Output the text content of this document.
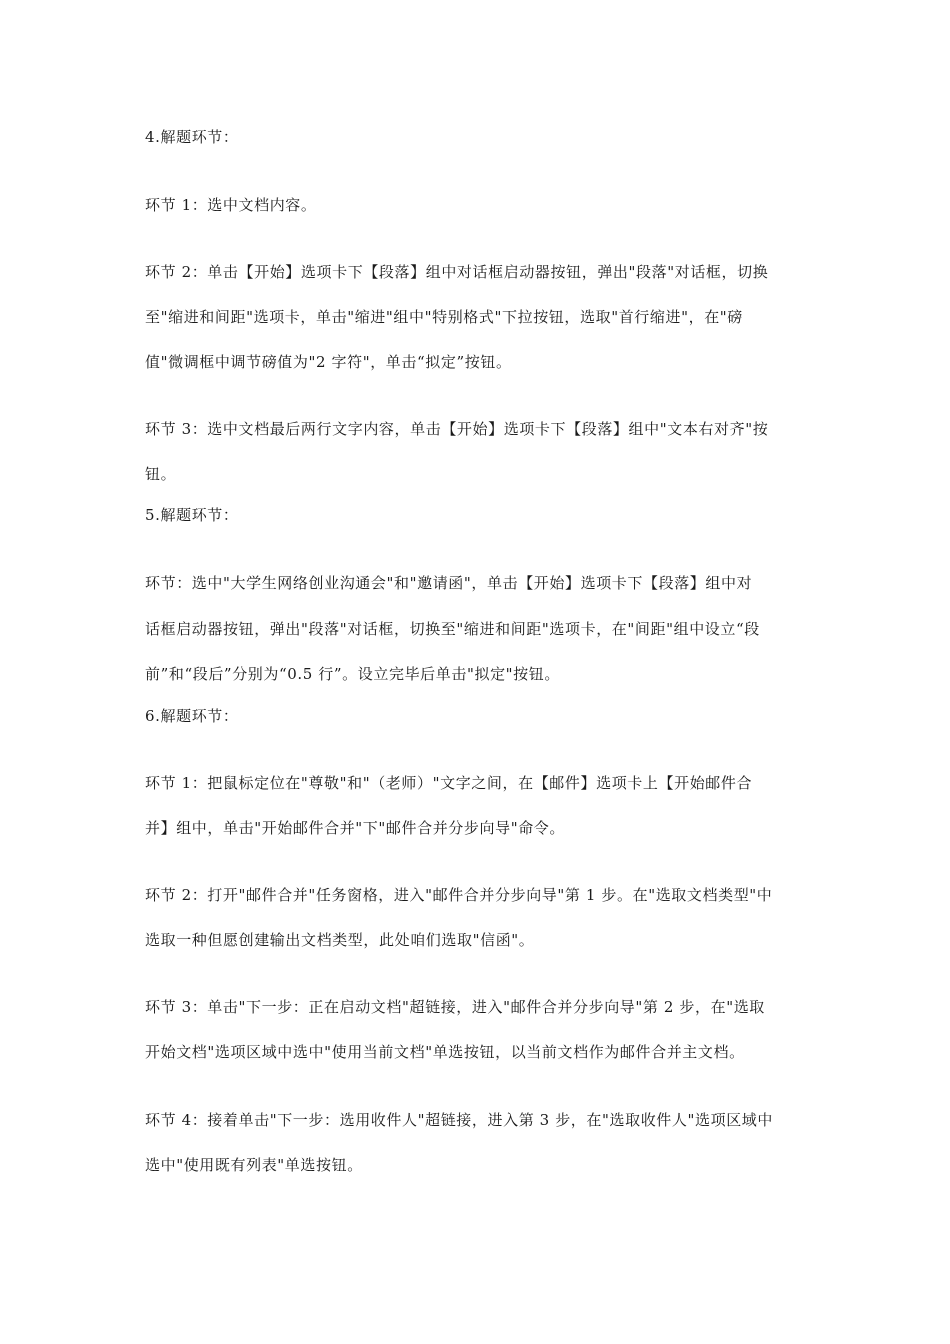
4.解题环节：
环节 1：选中文档内容。
环节 2：单击【开始】选项卡下【段落】组中对话框启动器按钮，弹出"段落"对话框，切换
至"缩进和间距"选项卡，单击"缩进"组中"特别格式"下拉按钮，选取"首行缩进"，在"磅
值"微调框中调节磅值为"2 字符"，单击“拟定”按钮。
环节 3：选中文档最后两行文字内容，单击【开始】选项卡下【段落】组中"文本右对齐"按
钮。
5.解题环节：
环节：选中"大学生网络创业沟通会"和"邀请函"，单击【开始】选项卡下【段落】组中对
话框启动器按钮，弹出"段落"对话框，切换至"缩进和间距"选项卡，在"间距"组中设立“段
前”和“段后”分别为“0.5 行”。设立完毕后单击"拟定"按钮。
6.解题环节：
环节 1：把鼠标定位在"尊敬"和"（老师）"文字之间，在【邮件】选项卡上【开始邮件合
并】组中，单击"开始邮件合并"下"邮件合并分步向导"命令。
环节 2：打开"邮件合并"任务窗格，进入"邮件合并分步向导"第 1 步。在"选取文档类型"中
选取一种但愿创建输出文档类型，此处咱们选取"信函"。
环节 3：单击"下一步：正在启动文档"超链接，进入"邮件合并分步向导"第 2 步，在"选取
开始文档"选项区域中选中"使用当前文档"单选按钮，以当前文档作为邮件合并主文档。
环节 4：接着单击"下一步：选用收件人"超链接，进入第 3 步，在"选取收件人"选项区域中
选中"使用既有列表"单选按钮。
